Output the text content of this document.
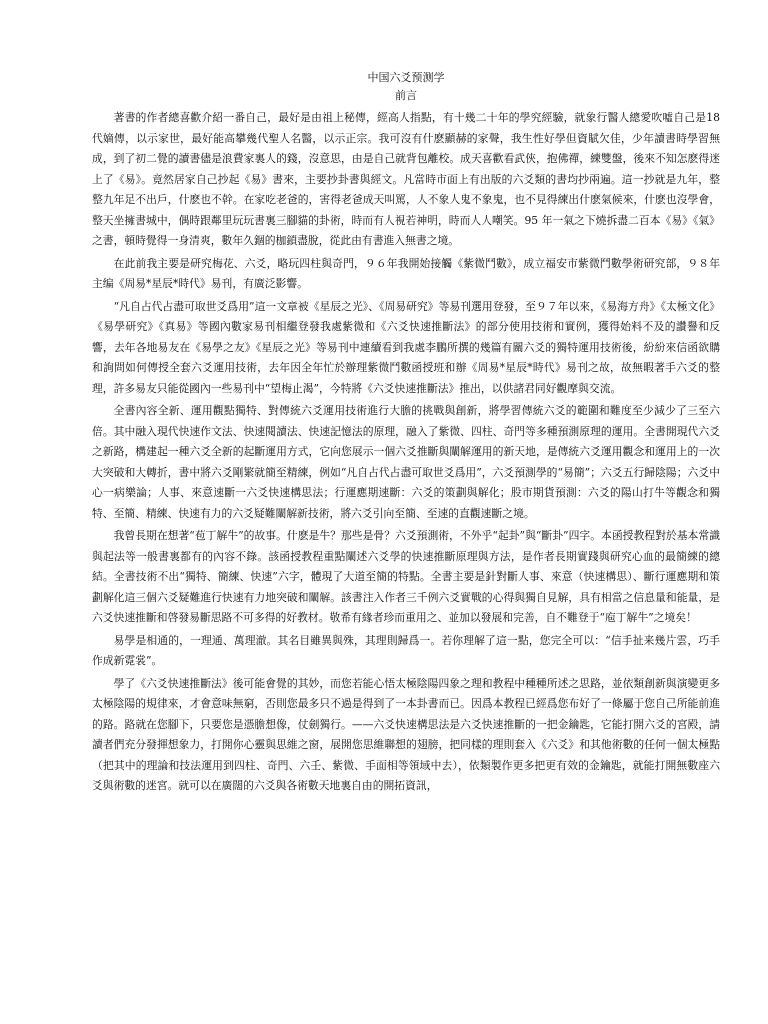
中国六爻预测学
前言

著書的作者總喜歡介紹一番自己，最好是由祖上秘傳，經高人指點，有十幾二十年的學究經驗，就象行醫人總愛吹噓自己是18代嫡傳，以示家世，最好能高攀幾代聖人名醫，以示正宗。我可沒有什麽顯赫的家聲，我生性好學但資賦欠佳，少年讀書時學習無成，到了初二覺的讀書儘是浪費家裏人的錢，沒意思，由是自己就背包離校。成天喜歡看武俠，抱佛禪，練雙盤，後來不知怎麽得迷上了《易》。竟然居家自己抄起《易》書來，主要抄卦書與經文。凡當時市面上有出版的六爻類的書均抄兩遍。這一抄就是九年，整整九年足不出戶，什麽也不幹。在家吃老爸的，害得老爸成天叫罵，人不象人鬼不象鬼，也不見得練出什麽氣候來，什麽也沒學會，整天坐擁書城中，偶時跟鄰里玩玩書裏三腳貓的卦術，時而有人視若神明，時而人人嘲笑。95 年一氣之下燒拆盡二百本《易》《氣》之書，頓時覺得一身清爽，數年久錮的枷鎖盡脫，從此由有書進入無書之境。

在此前我主要是研究梅花、六爻，略玩四柱與奇門，９６年我開始接觸《紫微鬥數》，成立福安市紫微鬥數學術研究部，９８年主编《周易*星辰*時代》易刊，有廣泛影響。

“凡自占代占盡可取世爻爲用”這一文章被《星辰之光》、《周易研究》等易刊選用登發，至９７年以來，《易海方舟》《太極文化》《易學研究》《真易》等國內數家易刊相繼登發我處紫微和《六爻快速推斷法》的部分使用技術和實例，獲得始料不及的讚譽和反響，去年各地易友在《易學之友》《星辰之光》等易刊中連續看到我處李鵬所撰的幾篇有關六爻的獨特運用技術後，紛紛來信函欲購和詢問如何傳授全套六爻運用技術，去年因全年忙於辦理紫微鬥數函授班和辦《周易*星辰*時代》易刊之故，故無暇著手六爻的整理，許多易友只能從國內一些易刊中“望梅止渴”，今特將《六爻快速推斷法》推出，以供諸君同好觀摩與交流。

全書內容全新、運用觀點獨特、對傳統六爻運用技術進行大膽的挑戰與創新，將學習傳統六爻的範圍和難度至少減少了三至六倍。其中融入現代快速作文法、快速閱讀法、快速記憶法的原理，融入了紫微、四柱、奇門等多種預測原理的運用。全書開現代六爻之新路，構建起一種六爻全新的起斷運用方式，它向您展示一個六爻推斷與闡解運用的新天地，是傳統六爻運用觀念和運用上的一次大突破和大轉折，書中將六爻剛繁就簡至精練，例如“凡自占代占盡可取世爻爲用”，六爻預測學的“易簡”；六爻五行歸陰陽；六爻中心一病樂論；人事、來意速斷一六爻快速構思法；行運應期速斷：六爻的策劃與解化；股市期貨預測：六爻的陽山打牛等觀念和獨特、至簡、精練、快速有力的六爻疑難闡解新技術，將六爻引向至簡、至速的直觀速斷之境。

我曾長期在想著“苞丁解牛”的故事。什麽是牛？那些是骨？六爻預測術，不外乎“起卦”與“斷卦”四字。本函授教程對於基本常識與起法等一般書裏都有的內容不錄。該函授教程重點闡述六爻學的快速推斷原理與方法，是作者長期實踐與研究心血的最簡練的總結。全書技術不出“獨特、簡練、快速”六字，體現了大道至簡的特點。全書主要是針對斷人事、來意（快速構思）、斷行運應期和策劃解化這三個六爻疑難進行快速有力地突破和闡解。該書注入作者三千例六爻實戰的心得與獨自見解，具有相當之信息量和能量，是六爻快速推斷和啓發易斷思路不可多得的好教材。敬希有緣者珍而重用之、並加以發展和完善，自不難登于“庖丁解牛”之境矣！

易學是相通的，一理通、萬理澈。其名目雖異與殊，其理則歸爲一。若你理解了這一點，您完全可以：“信手扯来幾片雲，巧手作成新霓裳”。

學了《六爻快速推斷法》後可能會覺的其妙，而您若能心悟太極陰陽四象之理和教程中種種所述之思路，並依類創新與演變更多太極陰陽的規律來，才會意味無窮，否則您最多只不過是得到了一本卦書而已。因爲本教程已經爲您布好了一條屬于您自己所能前進的路。路就在您腳下，只要您是憑膽想像，仗劍獨行。——六爻快速構思法是六爻快速推斷的一把金鑰匙，它能打開六爻的宮殿，請讀者們充分發揮想象力，打開你心靈與思維之窗，展開您思維聯想的翅膀，把同樣的理則套入《六爻》和其他術數的任何一個太極點（把其中的理論和技法運用到四柱、奇門、六壬、紫微、手面相等領域中去），依類製作更多把更有效的金鑰匙，就能打開無數座六爻與術數的迷宮。就可以在廣闊的六爻與各術數天地裏自由的開拓資訊，
